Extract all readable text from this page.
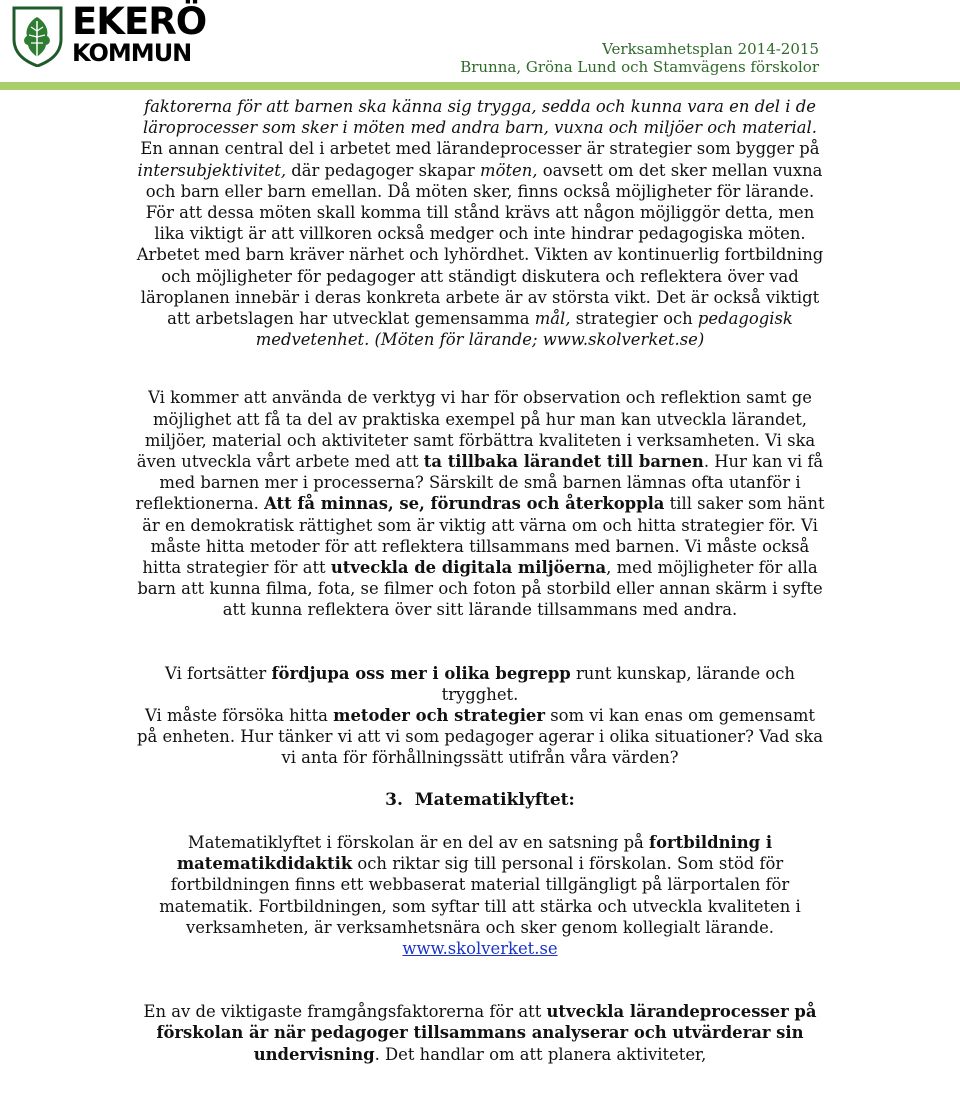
EKERÖ
KOMMUN	Verksamhetsplan 2014-2015
Brunna, Gröna Lund och Stamvägens förskolor

faktorerna för att barnen ska känna sig trygga, sedda och kunna vara en del i de läroprocesser som sker i möten med andra barn, vuxna och miljöer och material.
En annan central del i arbetet med lärandeprocesser är strategier som bygger på intersubjektivitet, där pedagoger skapar möten, oavsett om det sker mellan vuxna och barn eller barn emellan. Då möten sker, finns också möjligheter för lärande. För att dessa möten skall komma till stånd krävs att någon möjliggör detta, men lika viktigt är att villkoren också medger och inte hindrar pedagogiska möten. Arbetet med barn kräver närhet och lyhördhet. Vikten av kontinuerlig fortbildning och möjligheter för pedagoger att ständigt diskutera och reflektera över vad läroplanen innebär i deras konkreta arbete är av största vikt. Det är också viktigt att arbetslagen har utvecklat gemensamma mål, strategier och pedagogisk medvetenhet. (Möten för lärande; www.skolverket.se)

Vi kommer att använda de verktyg vi har för observation och reflektion samt ge möjlighet att få ta del av praktiska exempel på hur man kan utveckla lärandet, miljöer, material och aktiviteter samt förbättra kvaliteten i verksamheten. Vi ska även utveckla vårt arbete med att ta tillbaka lärandet till barnen. Hur kan vi få med barnen mer i processerna? Särskilt de små barnen lämnas ofta utanför i reflektionerna. Att få minnas, se, förundras och återkoppla till saker som hänt är en demokratisk rättighet som är viktig att värna om och hitta strategier för. Vi måste hitta metoder för att reflektera tillsammans med barnen. Vi måste också hitta strategier för att utveckla de digitala miljöerna, med möjligheter för alla barn att kunna filma, fota, se filmer och foton på storbild eller annan skärm i syfte att kunna reflektera över sitt lärande tillsammans med andra.

Vi fortsätter fördjupa oss mer i olika begrepp runt kunskap, lärande och trygghet.
Vi måste försöka hitta metoder och strategier som vi kan enas om gemensamt på enheten. Hur tänker vi att vi som pedagoger agerar i olika situationer? Vad ska vi anta för förhållningssätt utifrån våra värden?

3. Matematiklyftet:

Matematiklyftet i förskolan är en del av en satsning på fortbildning i matematikdidaktik och riktar sig till personal i förskolan. Som stöd för fortbildningen finns ett webbaserat material tillgängligt på lärportalen för matematik. Fortbildningen, som syftar till att stärka och utveckla kvaliteten i verksamheten, är verksamhetsnära och sker genom kollegialt lärande.
www.skolverket.se

En av de viktigaste framgångsfaktorerna för att utveckla lärandeprocesser på förskolan är när pedagoger tillsammans analyserar och utvärderar sin undervisning. Det handlar om att planera aktiviteter,
